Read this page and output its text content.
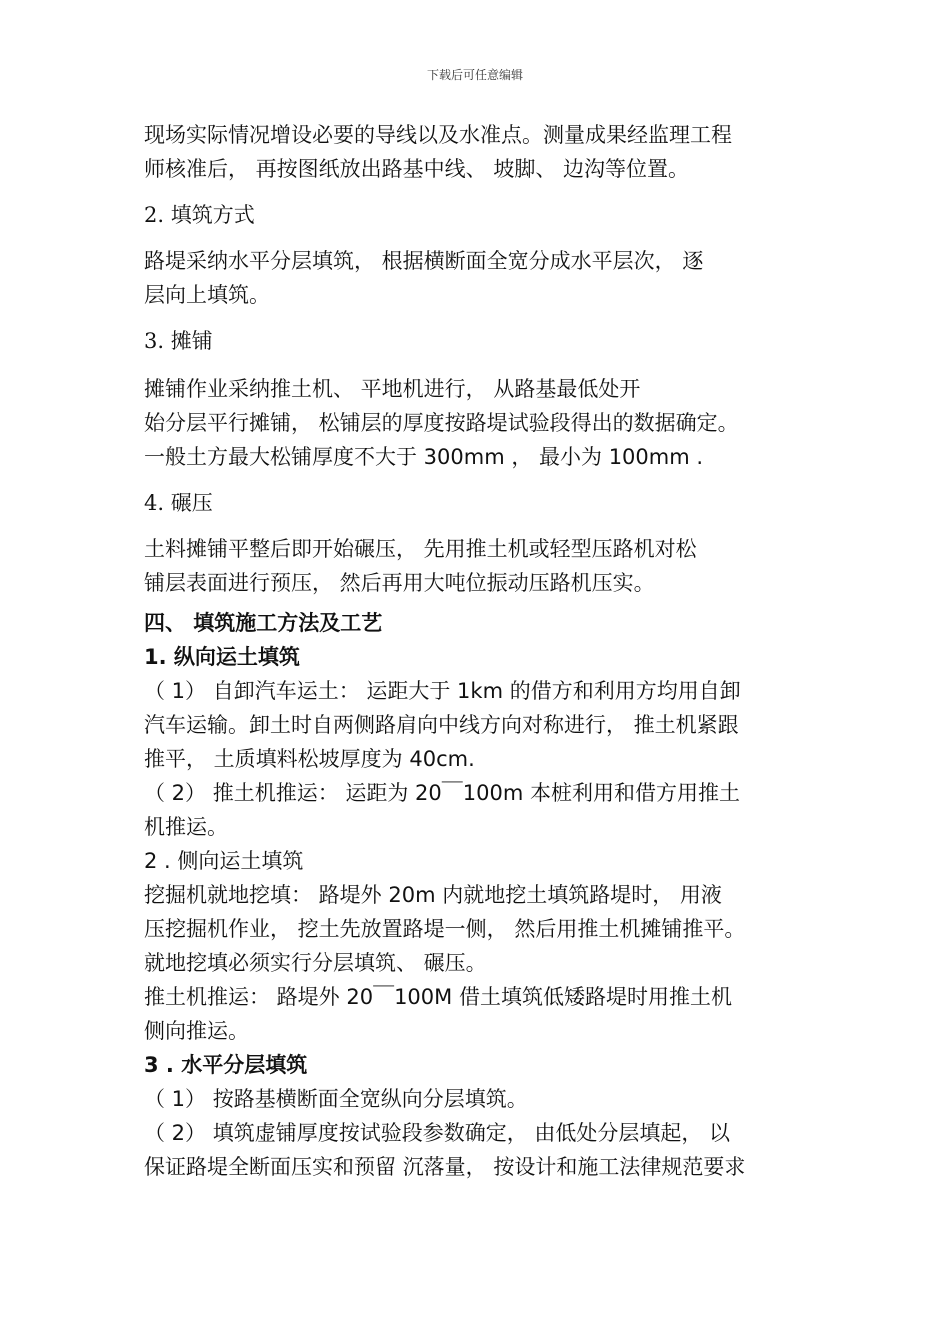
下载后可任意编辑
现场实际情况增设必要的导线以及水准点。测量成果经监理工程
师核准后， 再按图纸放出路基中线、 坡脚、 边沟等位置。
2. 填筑方式
路堤采纳水平分层填筑， 根据横断面全宽分成水平层次， 逐
层向上填筑。
3. 摊铺
摊铺作业采纳推土机、 平地机进行， 从路基最低处开
始分层平行摊铺， 松铺层的厚度按路堤试验段得出的数据确定。
一般土方最大松铺厚度不大于 300mm ， 最小为 100mm .
4. 碾压
土料摊铺平整后即开始碾压， 先用推土机或轻型压路机对松
铺层表面进行预压， 然后再用大吨位振动压路机压实。
四、 填筑施工方法及工艺
1. 纵向运土填筑
（ 1） 自卸汽车运土： 运距大于 1km 的借方和利用方均用自卸
汽车运输。卸土时自两侧路肩向中线方向对称进行， 推土机紧跟
推平， 土质填料松坡厚度为 40cm.
（ 2） 推土机推运： 运距为 20￣100m 本桩利用和借方用推土
机推运。
2 . 侧向运土填筑
挖掘机就地挖填： 路堤外 20m 内就地挖土填筑路堤时， 用液
压挖掘机作业， 挖土先放置路堤一侧， 然后用推土机摊铺推平。
就地挖填必须实行分层填筑、 碾压。
推土机推运： 路堤外 20￣100M 借土填筑低矮路堤时用推土机
侧向推运。
3 . 水平分层填筑
（ 1） 按路基横断面全宽纵向分层填筑。
（ 2） 填筑虚铺厚度按试验段参数确定， 由低处分层填起， 以
保证路堤全断面压实和预留 沉落量， 按设计和施工法律规范要求
